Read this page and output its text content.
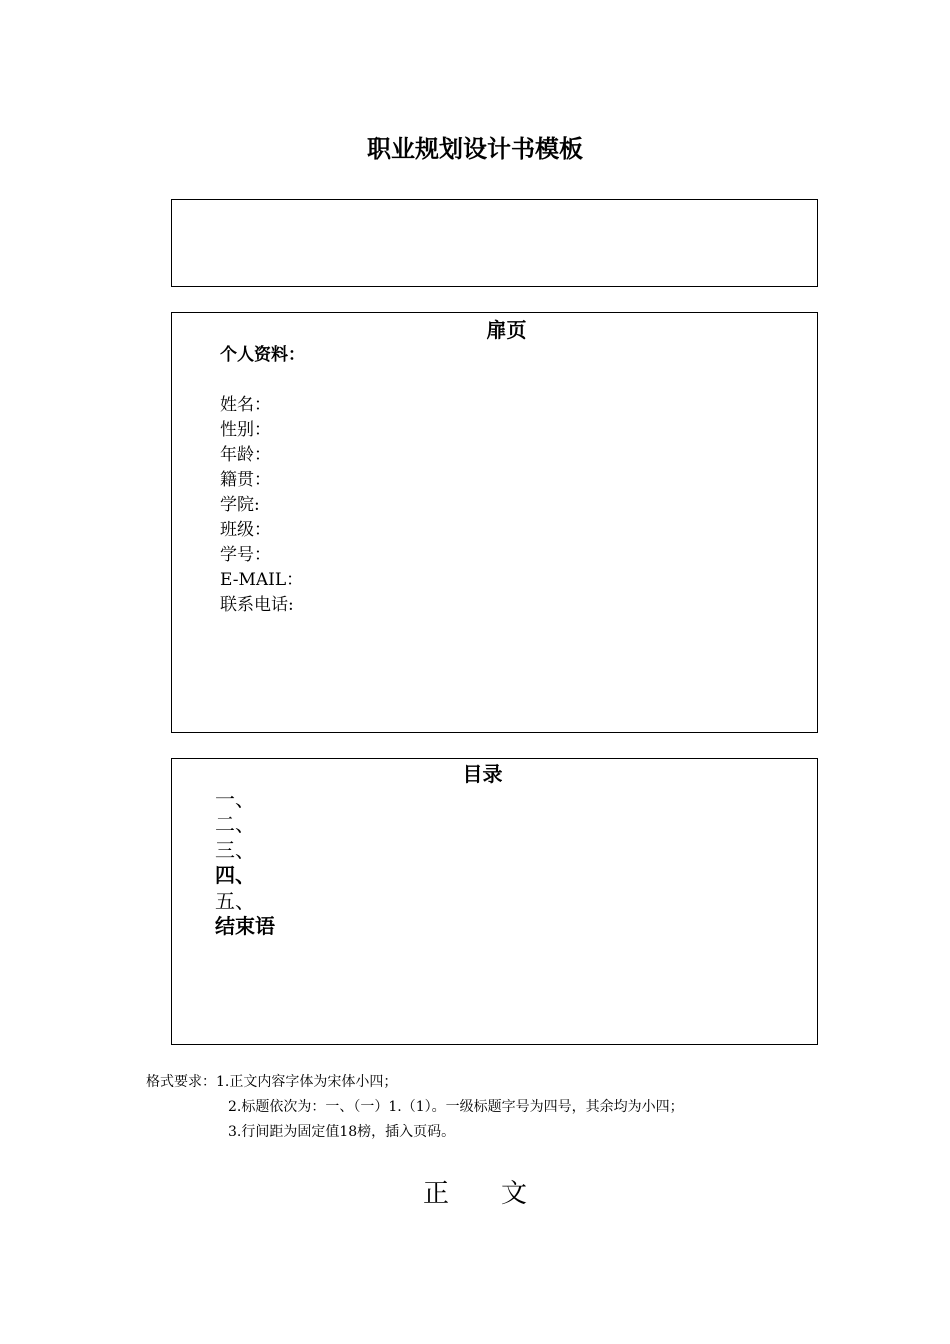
职业规划设计书模板
扉页
个人资料：
姓名：
性别：
年龄：
籍贯：
学院:
班级：
学号：
E-MAIL：
联系电话:
目录
一、
二、
三、
四、
五、
结束语
格式要求：1.正文内容字体为宋体小四；
2.标题依次为：一、（一）1.（1）。一级标题字号为四号，其余均为小四；
3.行间距为固定值18榜，插入页码。
正 文
